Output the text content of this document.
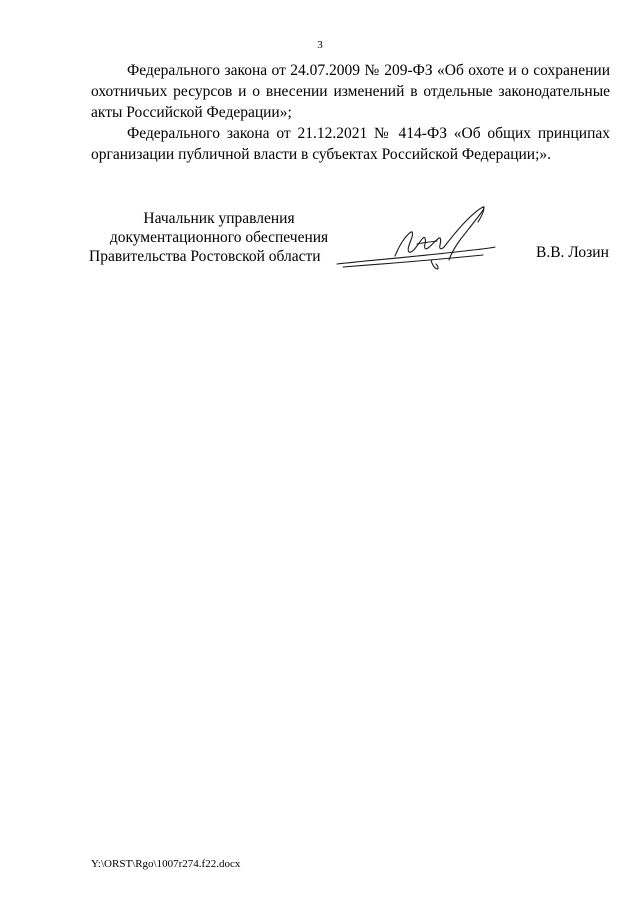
3
Федерального закона от 24.07.2009 № 209-ФЗ «Об охоте и о сохранении
охотничьих ресурсов и о внесении изменений в отдельные законодательные
акты Российской Федерации»;
Федерального закона от 21.12.2021 № 414-ФЗ «Об общих принципах
организации публичной власти в субъектах Российской Федерации;».
Начальник управления
документационного обеспечения
Правительства Ростовской области	В.В. Лозин
Y:\ORST\Rgo\1007r274.f22.docx
